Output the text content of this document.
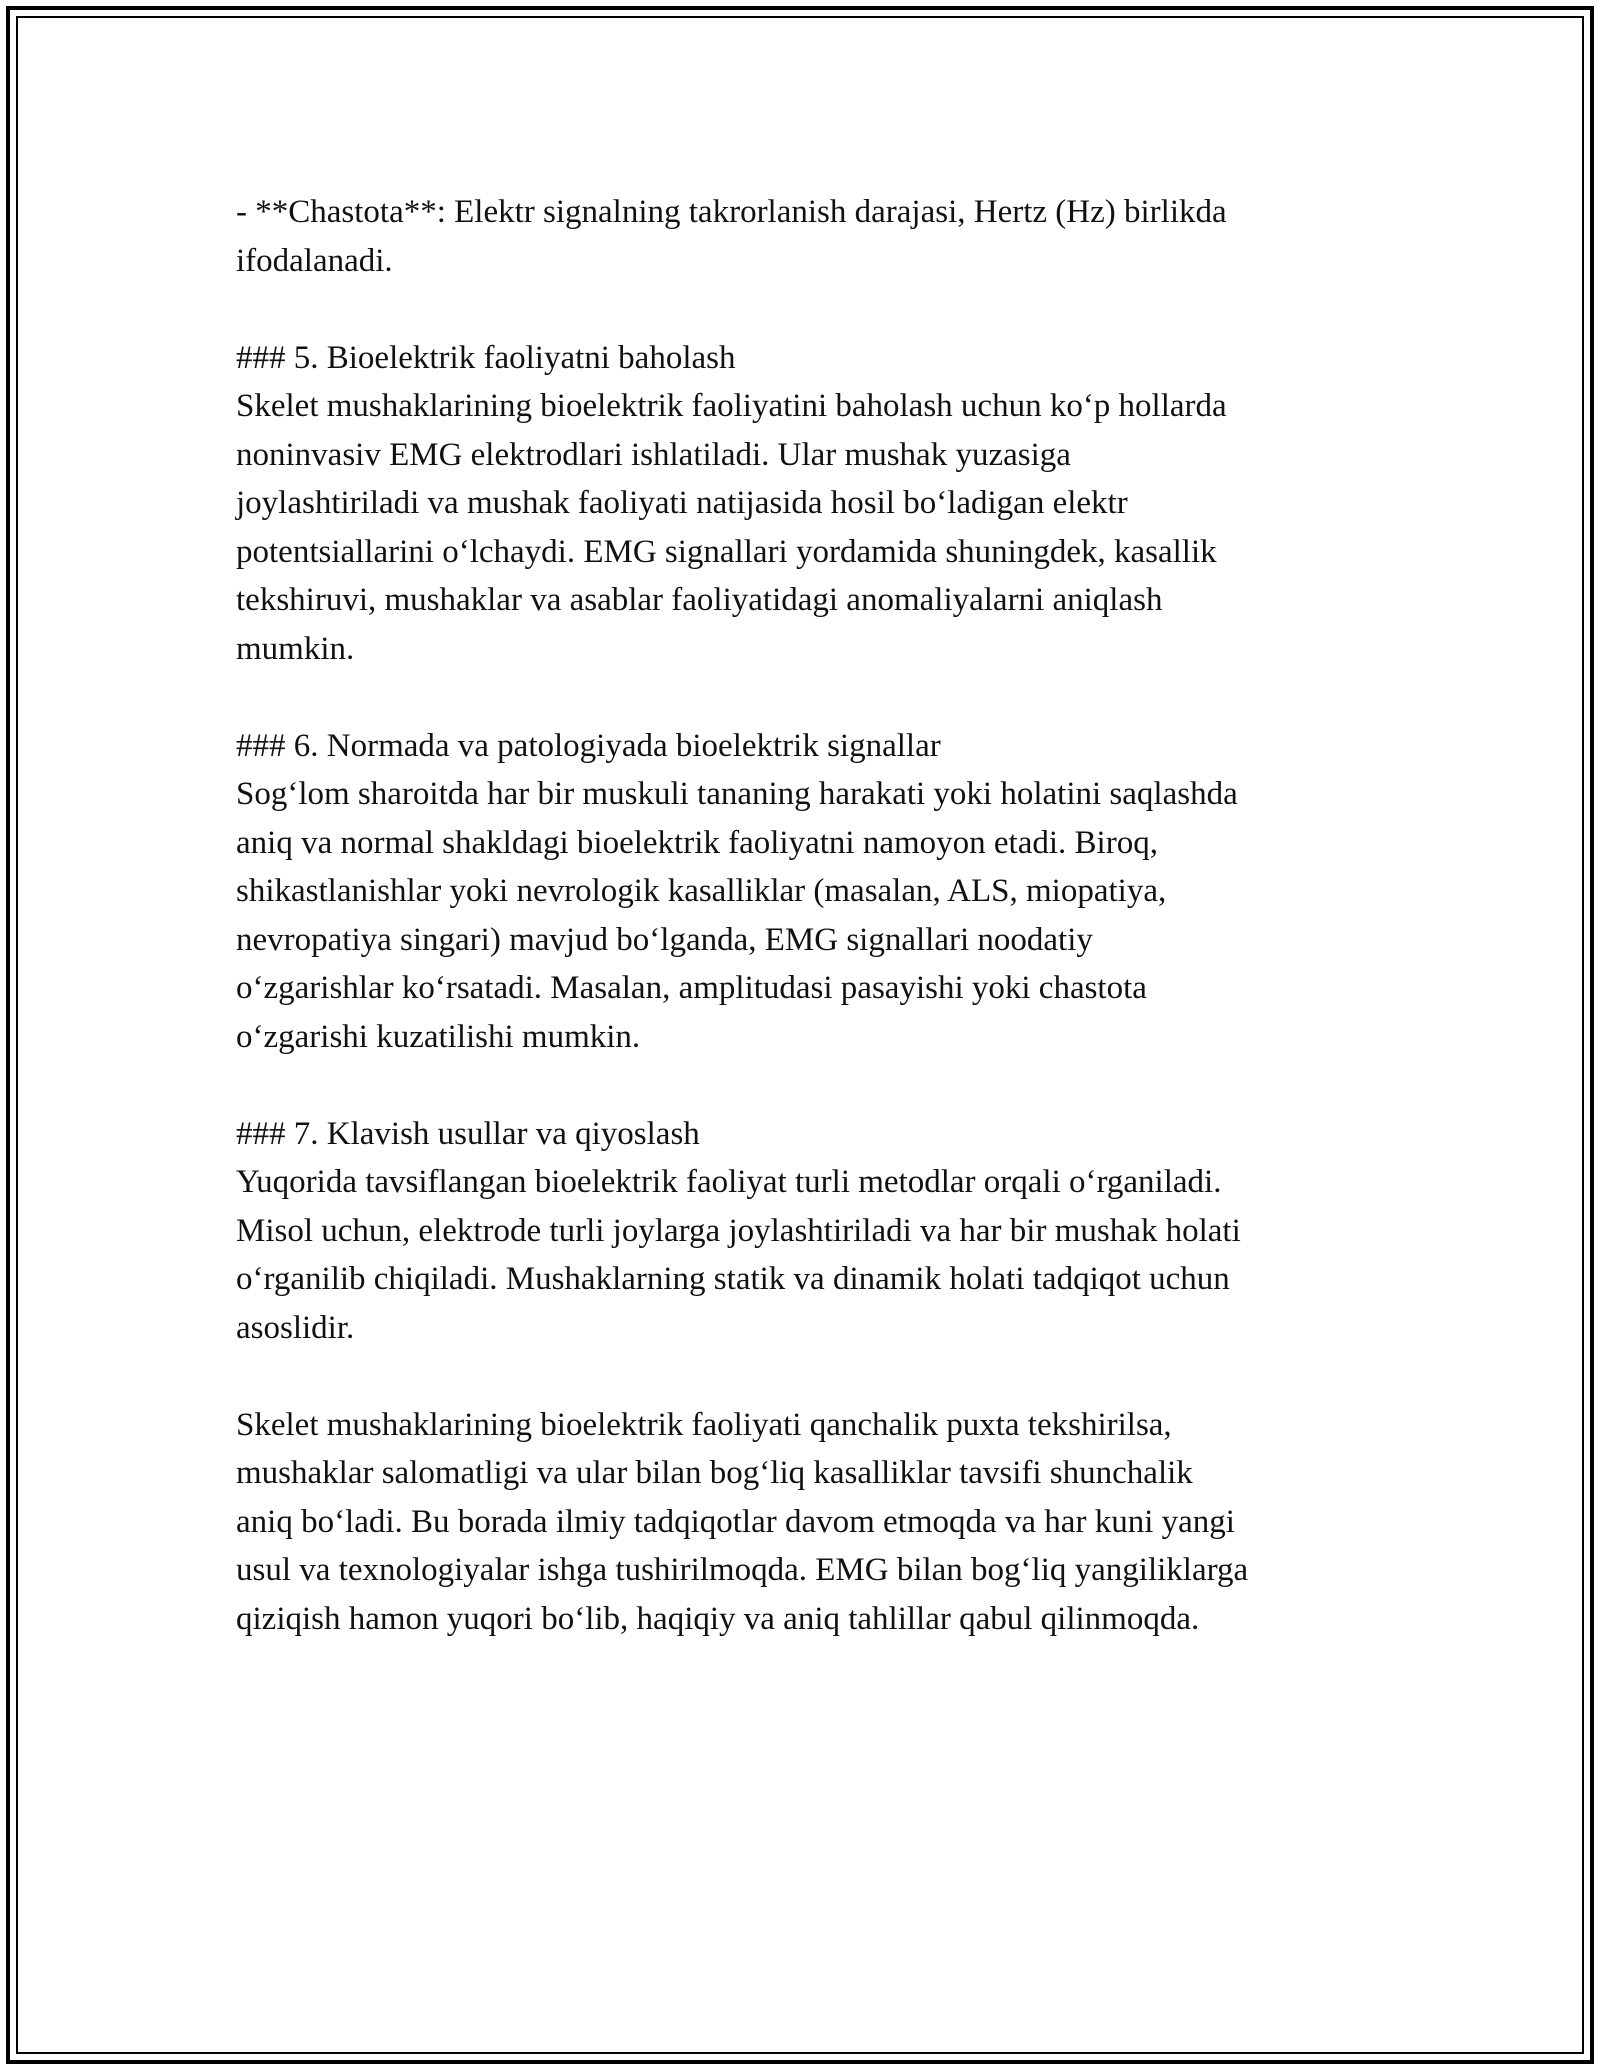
- **Chastota**: Elektr signalning takrorlanish darajasi, Hertz (Hz) birlikda
ifodalanadi.
### 5. Bioelektrik faoliyatni baholash
Skelet mushaklarining bioelektrik faoliyatini baholash uchun ko‘p hollarda
noninvasiv EMG elektrodlari ishlatiladi. Ular mushak yuzasiga
joylashtiriladi va mushak faoliyati natijasida hosil bo‘ladigan elektr
potentsiallarini o‘lchaydi. EMG signallari yordamida shuningdek, kasallik
tekshiruvi, mushaklar va asablar faoliyatidagi anomaliyalarni aniqlash
mumkin.
### 6. Normada va patologiyada bioelektrik signallar
Sog‘lom sharoitda har bir muskuli tananing harakati yoki holatini saqlashda
aniq va normal shakldagi bioelektrik faoliyatni namoyon etadi. Biroq,
shikastlanishlar yoki nevrologik kasalliklar (masalan, ALS, miopatiya,
nevropatiya singari) mavjud bo‘lganda, EMG signallari noodatiy
o‘zgarishlar ko‘rsatadi. Masalan, amplitudasi pasayishi yoki chastota
o‘zgarishi kuzatilishi mumkin.
### 7. Klavish usullar va qiyoslash
Yuqorida tavsiflangan bioelektrik faoliyat turli metodlar orqali o‘rganiladi.
Misol uchun, elektrode turli joylarga joylashtiriladi va har bir mushak holati
o‘rganilib chiqiladi. Mushaklarning statik va dinamik holati tadqiqot uchun
asoslidir.
Skelet mushaklarining bioelektrik faoliyati qanchalik puxta tekshirilsa,
mushaklar salomatligi va ular bilan bog‘liq kasalliklar tavsifi shunchalik
aniq bo‘ladi. Bu borada ilmiy tadqiqotlar davom etmoqda va har kuni yangi
usul va texnologiyalar ishga tushirilmoqda. EMG bilan bog‘liq yangiliklarga
qiziqish hamon yuqori bo‘lib, haqiqiy va aniq tahlillar qabul qilinmoqda.
